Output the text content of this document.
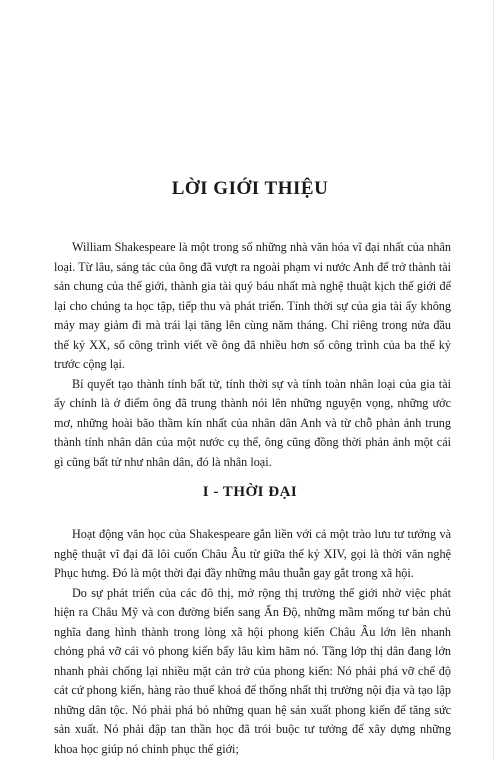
LỜI GIỚI THIỆU

William Shakespeare là một trong số những nhà văn hóa vĩ đại nhất của nhân loại. Từ lâu, sáng tác của ông đã vượt ra ngoài phạm vi nước Anh để trở thành tài sản chung của thế giới, thành gia tài quý báu nhất mà nghệ thuật kịch thế giới để lại cho chúng ta học tập, tiếp thu và phát triển. Tính thời sự của gia tài ấy không mảy may giảm đi mà trái lại tăng lên cùng năm tháng. Chỉ riêng trong nửa đầu thế kỷ XX, số công trình viết về ông đã nhiều hơn số công trình của ba thế kỷ trước cộng lại.

Bí quyết tạo thành tính bất tử, tính thời sự và tính toàn nhân loại của gia tài ấy chính là ở điểm ông đã trung thành nói lên những nguyện vọng, những ước mơ, những hoài bão thầm kín nhất của nhân dân Anh và từ chỗ phản ảnh trung thành tính nhân dân của một nước cụ thể, ông cũng đồng thời phản ảnh một cái gì cũng bất tử như nhân dân, đó là nhân loại.

I - THỜI ĐẠI

Hoạt động văn học của Shakespeare gắn liền với cả một trào lưu tư tưởng và nghệ thuật vĩ đại đã lôi cuốn Châu Âu từ giữa thế kỷ XIV, gọi là thời văn nghệ Phục hưng. Đó là một thời đại đầy những mâu thuẫn gay gắt trong xã hội.

Do sự phát triển của các đô thị, mở rộng thị trường thế giới nhờ việc phát hiện ra Châu Mỹ và con đường biển sang Ấn Độ, những mầm mống tư bản chủ nghĩa đang hình thành trong lòng xã hội phong kiến Châu Âu lớn lên nhanh chóng phá vỡ cái vỏ phong kiến bấy lâu kìm hãm nó. Tầng lớp thị dân đang lớn nhanh phải chống lại nhiều mặt cản trở của phong kiến: Nó phải phá vỡ chế độ cát cứ phong kiến, hàng rào thuế khoá để thống nhất thị trường nội địa và tạo lập những dân tộc. Nó phải phá bỏ những quan hệ sản xuất phong kiến để tăng sức sản xuất. Nó phải đập tan thần học đã trói buộc tư tưởng để xây dựng những khoa học giúp nó chinh phục thế giới;
